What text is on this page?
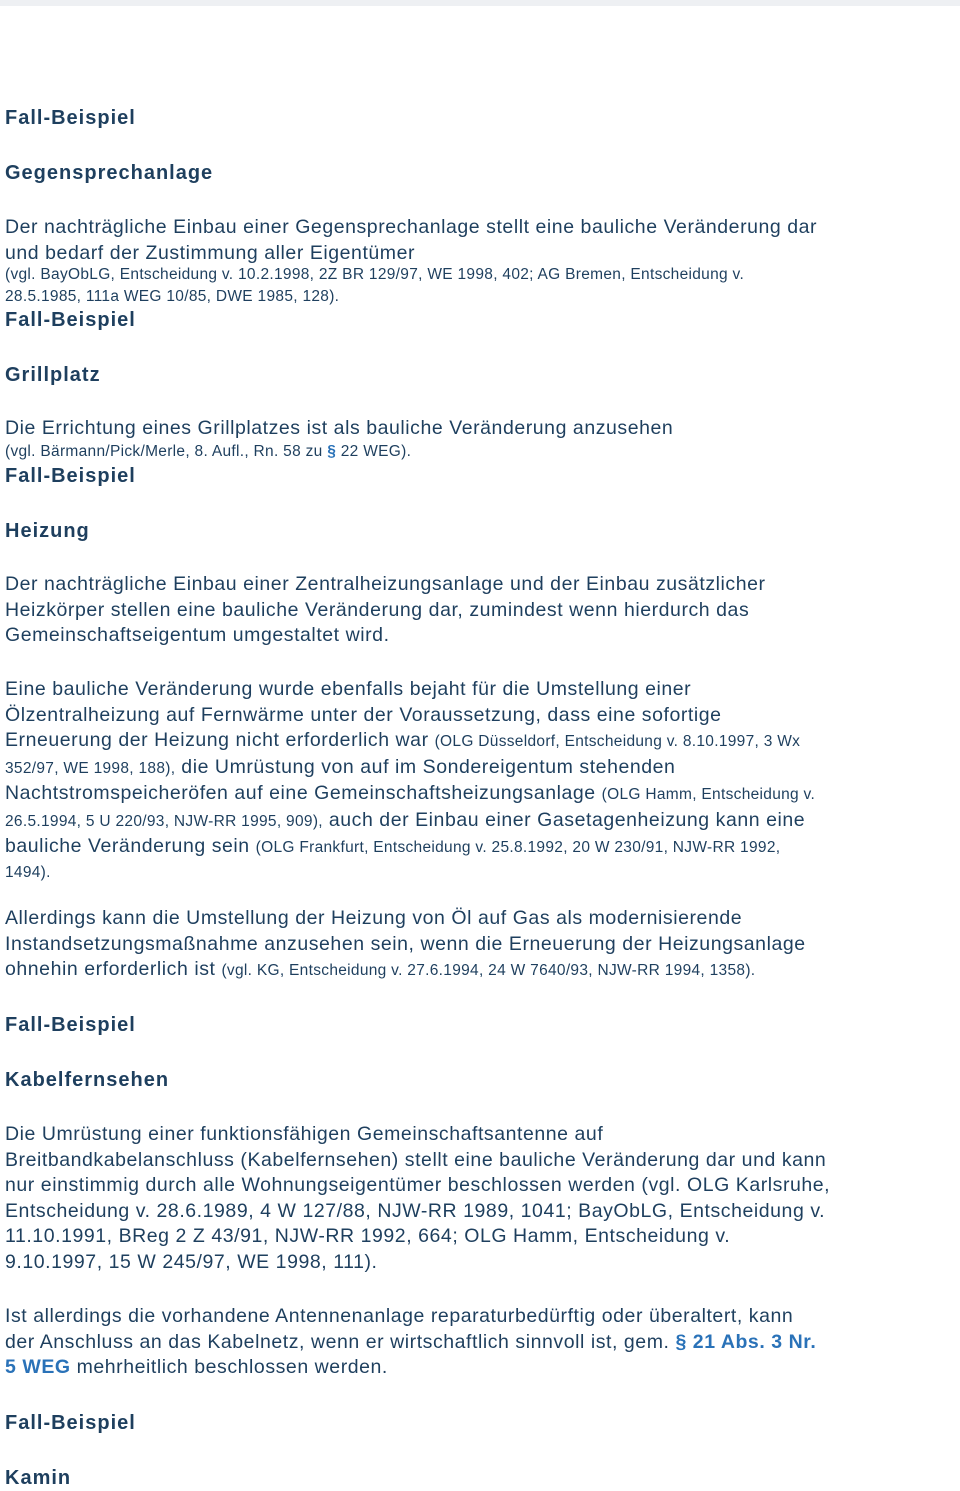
Fall-Beispiel
Gegensprechanlage
Der nachträgliche Einbau einer Gegensprechanlage stellt eine bauliche Veränderung dar
und bedarf der Zustimmung aller Eigentümer
(vgl. BayObLG, Entscheidung v. 10.2.1998, 2Z BR 129/97, WE 1998, 402; AG Bremen, Entscheidung v.
28.5.1985, 111a WEG 10/85, DWE 1985, 128).
Fall-Beispiel
Grillplatz
Die Errichtung eines Grillplatzes ist als bauliche Veränderung anzusehen
(vgl. Bärmann/Pick/Merle, 8. Aufl., Rn. 58 zu § 22 WEG).
Fall-Beispiel
Heizung
Der nachträgliche Einbau einer Zentralheizungsanlage und der Einbau zusätzlicher
Heizkörper stellen eine bauliche Veränderung dar, zumindest wenn hierdurch das
Gemeinschaftseigentum umgestaltet wird.
Eine bauliche Veränderung wurde ebenfalls bejaht für die Umstellung einer
Ölzentralheizung auf Fernwärme unter der Voraussetzung, dass eine sofortige
Erneuerung der Heizung nicht erforderlich war (OLG Düsseldorf, Entscheidung v. 8.10.1997, 3 Wx
352/97, WE 1998, 188), die Umrüstung von auf im Sondereigentum stehenden
Nachtstromspeicheröfen auf eine Gemeinschaftsheizungsanlage (OLG Hamm, Entscheidung v.
26.5.1994, 5 U 220/93, NJW-RR 1995, 909), auch der Einbau einer Gasetagenheizung kann eine
bauliche Veränderung sein (OLG Frankfurt, Entscheidung v. 25.8.1992, 20 W 230/91, NJW-RR 1992,
1494).
Allerdings kann die Umstellung der Heizung von Öl auf Gas als modernisierende
Instandsetzungsmaßnahme anzusehen sein, wenn die Erneuerung der Heizungsanlage
ohnehin erforderlich ist (vgl. KG, Entscheidung v. 27.6.1994, 24 W 7640/93, NJW-RR 1994, 1358).
Fall-Beispiel
Kabelfernsehen
Die Umrüstung einer funktionsfähigen Gemeinschaftsantenne auf
Breitbandkabelanschluss (Kabelfernsehen) stellt eine bauliche Veränderung dar und kann
nur einstimmig durch alle Wohnungseigentümer beschlossen werden (vgl. OLG Karlsruhe,
Entscheidung v. 28.6.1989, 4 W 127/88, NJW-RR 1989, 1041; BayObLG, Entscheidung v.
11.10.1991, BReg 2 Z 43/91, NJW-RR 1992, 664; OLG Hamm, Entscheidung v.
9.10.1997, 15 W 245/97, WE 1998, 111).
Ist allerdings die vorhandene Antennenanlage reparaturbedürftig oder überaltert, kann
der Anschluss an das Kabelnetz, wenn er wirtschaftlich sinnvoll ist, gem. § 21 Abs. 3 Nr.
5 WEG mehrheitlich beschlossen werden.
Fall-Beispiel
Kamin
